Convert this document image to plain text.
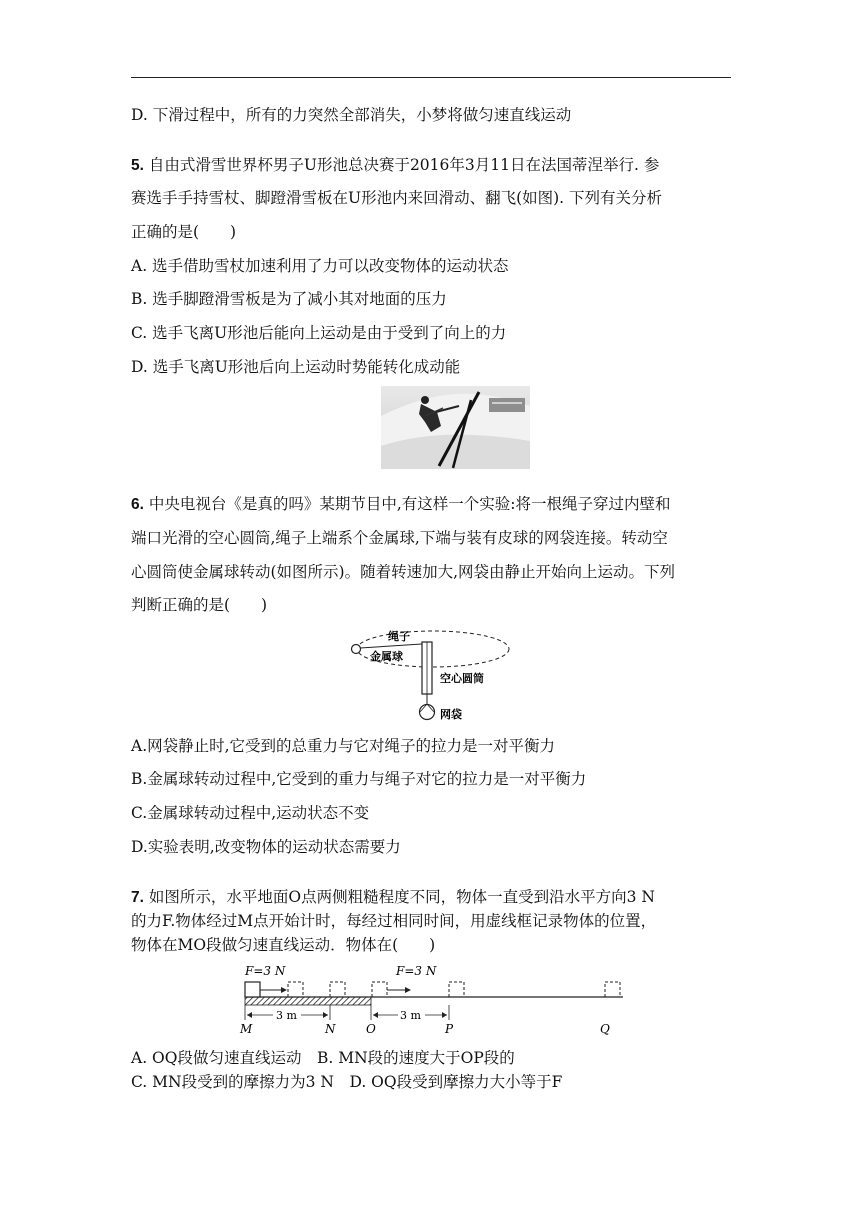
D. 下滑过程中，所有的力突然全部消失，小梦将做匀速直线运动
5. 自由式滑雪世界杯男子U形池总决赛于2016年3月11日在法国蒂涅举行. 参
赛选手手持雪杖、脚蹬滑雪板在U形池内来回滑动、翻飞(如图). 下列有关分析
正确的是(　　)
A. 选手借助雪杖加速利用了力可以改变物体的运动状态
B. 选手脚蹬滑雪板是为了减小其对地面的压力
C. 选手飞离U形池后能向上运动是由于受到了向上的力
D. 选手飞离U形池后向上运动时势能转化成动能
6. 中央电视台《是真的吗》某期节目中,有这样一个实验:将一根绳子穿过内壁和
端口光滑的空心圆筒,绳子上端系个金属球,下端与装有皮球的网袋连接。转动空
心圆筒使金属球转动(如图所示)。随着转速加大,网袋由静止开始向上运动。下列
判断正确的是(　　)
绳子
金属球
空心圆筒
网袋
A.网袋静止时,它受到的总重力与它对绳子的拉力是一对平衡力
B.金属球转动过程中,它受到的重力与绳子对它的拉力是一对平衡力
C.金属球转动过程中,运动状态不变
D.实验表明,改变物体的运动状态需要力
7. 如图所示，水平地面O点两侧粗糙程度不同，物体一直受到沿水平方向3 N
的力F.物体经过M点开始计时，每经过相同时间，用虚线框记录物体的位置，
物体在MO段做匀速直线运动．物体在(　　)
F=3 N	F=3 N
3 m	3 m
M	N	O	P	Q
A. OQ段做匀速直线运动　B. MN段的速度大于OP段的
C. MN段受到的摩擦力为3 N　D. OQ段受到摩擦力大小等于F
